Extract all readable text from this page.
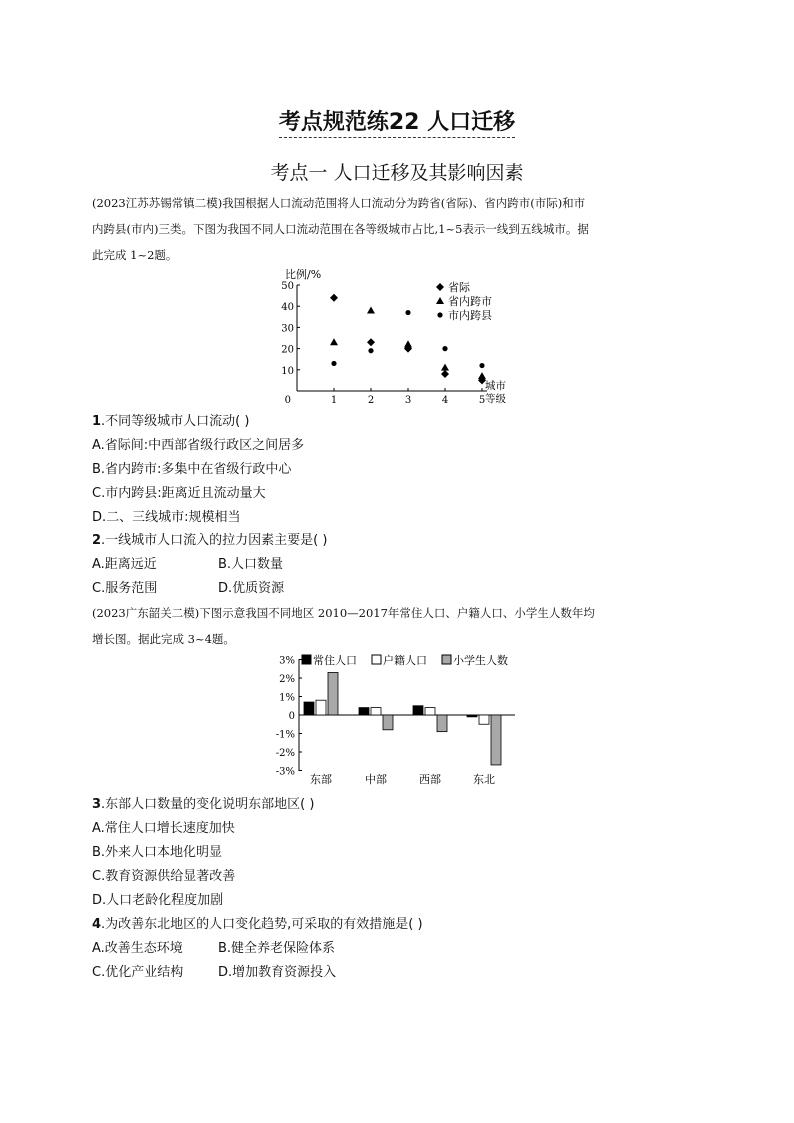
考点规范练22 人口迁移
考点一 人口迁移及其影响因素
(2023江苏苏锡常镇二模)我国根据人口流动范围将人口流动分为跨省(省际)、省内跨市(市际)和市
内跨县(市内)三类。下图为我国不同人口流动范围在各等级城市占比,1~5表示一线到五线城市。据
此完成 1~2题。
比例/%
0
10
20
30
40
50
1	2	3	4	5
城市
等级
省际
省内跨市
市内跨县
1.不同等级城市人口流动( )
A.省际间:中西部省级行政区之间居多
B.省内跨市:多集中在省级行政中心
C.市内跨县:距离近且流动量大
D.二、三线城市:规模相当
2.一线城市人口流入的拉力因素主要是( )
A.距离远近	B.人口数量
C.服务范围	D.优质资源
(2023广东韶关二模)下图示意我国不同地区 2010—2017年常住人口、户籍人口、小学生人数年均
增长图。据此完成 3~4题。
3%
2%
1%
0
-1%
-2%
-3%
东部	中部	西部	东北
常住人口 户籍人口 小学生人数
3.东部人口数量的变化说明东部地区( )
A.常住人口增长速度加快
B.外来人口本地化明显
C.教育资源供给显著改善
D.人口老龄化程度加剧
4.为改善东北地区的人口变化趋势,可采取的有效措施是( )
A.改善生态环境	B.健全养老保险体系
C.优化产业结构	D.增加教育资源投入
